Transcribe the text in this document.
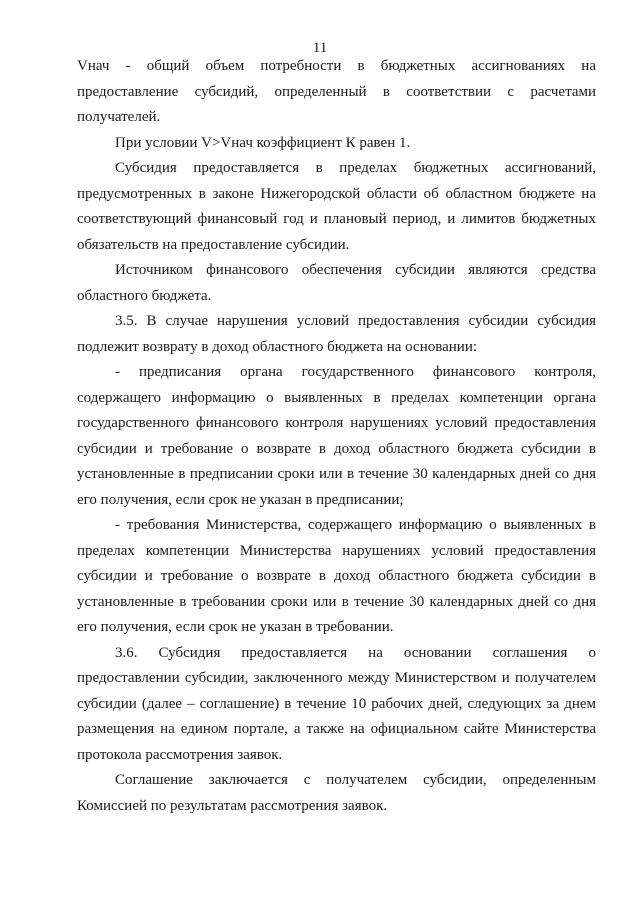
11

Vнач - общий объем потребности в бюджетных ассигнованиях на предоставление субсидий, определенный в соответствии с расчетами получателей.

При условии V>Vнач коэффициент К равен 1.

Субсидия предоставляется в пределах бюджетных ассигнований, предусмотренных в законе Нижегородской области об областном бюджете на соответствующий финансовый год и плановый период, и лимитов бюджетных обязательств на предоставление субсидии.

Источником финансового обеспечения субсидии являются средства областного бюджета.

3.5. В случае нарушения условий предоставления субсидии субсидия подлежит возврату в доход областного бюджета на основании:

- предписания органа государственного финансового контроля, содержащего информацию о выявленных в пределах компетенции органа государственного финансового контроля нарушениях условий предоставления субсидии и требование о возврате в доход областного бюджета субсидии в установленные в предписании сроки или в течение 30 календарных дней со дня его получения, если срок не указан в предписании;

- требования Министерства, содержащего информацию о выявленных в пределах компетенции Министерства нарушениях условий предоставления субсидии и требование о возврате в доход областного бюджета субсидии в установленные в требовании сроки или в течение 30 календарных дней со дня его получения, если срок не указан в требовании.

3.6. Субсидия предоставляется на основании соглашения о предоставлении субсидии, заключенного между Министерством и получателем субсидии (далее – соглашение) в течение 10 рабочих дней, следующих за днем размещения на едином портале, а также на официальном сайте Министерства протокола рассмотрения заявок.

Соглашение заключается с получателем субсидии, определенным Комиссией по результатам рассмотрения заявок.
